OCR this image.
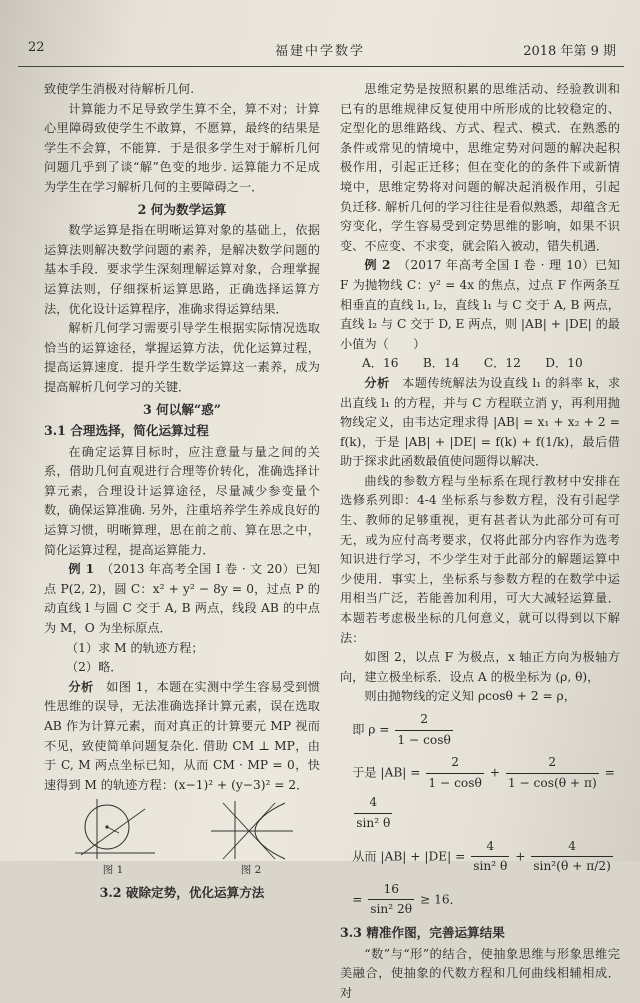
22	福建中学数学	2018 年第 9 期

致使学生消极对待解析几何.

计算能力不足导致学生算不全，算不对；计算心里障碍致使学生不敢算，不愿算，最终的结果是学生不会算，不能算．于是很多学生对于解析几何问题几乎到了谈“解”色变的地步. 运算能力不足成为学生在学习解析几何的主要障碍之一．

2 何为数学运算

数学运算是指在明晰运算对象的基础上，依据运算法则解决数学问题的素养，是解决数学问题的基本手段．要求学生深刻理解运算对象，合理掌握运算法则，仔细探析运算思路，正确选择运算方法，优化设计运算程序，准确求得运算结果．

解析几何学习需要引导学生根据实际情况选取恰当的运算途径，掌握运算方法，优化运算过程，提高运算速度．提升学生数学运算这一素养，成为提高解析几何学习的关键．

3 何以解“惑”
3.1 合理选择，简化运算过程

在确定运算目标时，应注意量与量之间的关系，借助几何直观进行合理等价转化，准确选择计算元素，合理设计运算途径，尽量减少参变量个数，确保运算准确. 另外，注重培养学生养成良好的运算习惯，明晰算理，思在前之前、算在思之中，简化运算过程，提高运算能力．

例 1　 （2013 年高考全国 I 卷 · 文 20）已知点 P(2, 2)，圆 C：x² + y² − 8y = 0，过点 P 的动直线 l 与圆 C 交于 A, B 两点，线段 AB 的中点为 M，O 为坐标原点．

（1）求 M 的轨迹方程；

（2）略．

分析　 如图 1，本题在实测中学生容易受到惯性思维的误导，无法准确选择计算元素，误在选取 AB 作为计算元素，而对真正的计算要元 MP 视而不见，致使简单问题复杂化. 借助 CM ⊥ MP，由于 C, M 两点坐标已知，从而 CM · MP = 0，快速得到 M 的轨迹方程：(x−1)² + (y−3)² = 2．

图 1	图 2
3.2 破除定势，优化运算方法

思维定势是按照积累的思维活动、经验教训和已有的思维规律反复使用中所形成的比较稳定的、定型化的思维路线、方式、程式、模式．在熟悉的条件或常见的情境中，思维定势对问题的解决起积极作用，引起正迁移；但在变化的的条件下或新情境中，思维定势将对问题的解决起消极作用，引起负迁移. 解析几何的学习往往是看似熟悉，却蕴含无穷变化，学生容易受到定势思维的影响，如果不识变、不应变、不求变，就会陷入被动，错失机遇．

例 2　 （2017 年高考全国 I 卷 · 理 10）已知 F 为抛物线 C：y² = 4x 的焦点，过点 F 作两条互相垂直的直线 l₁, l₂，直线 l₁ 与 C 交于 A, B 两点，直线 l₂ 与 C 交于 D, E 两点，则 |AB| + |DE| 的最小值为（　　）

A．16　　B．14　　C．12　　D．10

分析　 本题传统解法为设直线 l₁ 的斜率 k，求出直线 l₁ 的方程，并与 C 方程联立消 y，再利用抛物线定义，由韦达定理求得 |AB| = x₁ + x₂ + 2 = f(k)，于是 |AB| + |DE| = f(k) + f(1/k)，最后借助于探求此函数最值使问题得以解决．

曲线的参数方程与坐标系在现行教材中安排在选修系列即：4-4 坐标系与参数方程，没有引起学生、教师的足够重视，更有甚者认为此部分可有可无，或为应付高考要求，仅将此部分内容作为选考知识进行学习，不少学生对于此部分的解题运算中少使用．事实上，坐标系与参数方程的在数学中运用相当广泛，若能善加利用，可大大减轻运算量．本题若考虑极坐标的几何意义，就可以得到以下解法：

如图 2，以点 F 为极点，x 轴正方向为极轴方向，建立极坐标系．设点 A 的极坐标为 (ρ, θ)，

则由抛物线的定义知 ρcosθ + 2 = ρ，

即 $\rho = \frac{2}{1 - \cos\theta}$
于是 $|AB| = \frac{2}{1 - \cos\theta} + \frac{2}{1 - \cos(\theta + \pi)}$ =
$\frac{4}{\text{sin² θ}}$
从而 $|AB| + |DE| = \frac{4}{\text{sin² θ}} + \frac{4}{\text{sin²(θ + π/2)}}$
= $\frac{16}{\text{sin² 2θ}} \ge 16$．
3.3 精准作图，完善运算结果

“数”与“形”的结合，使抽象思维与形象思维完美融合，使抽象的代数方程和几何曲线相辅相成．对
